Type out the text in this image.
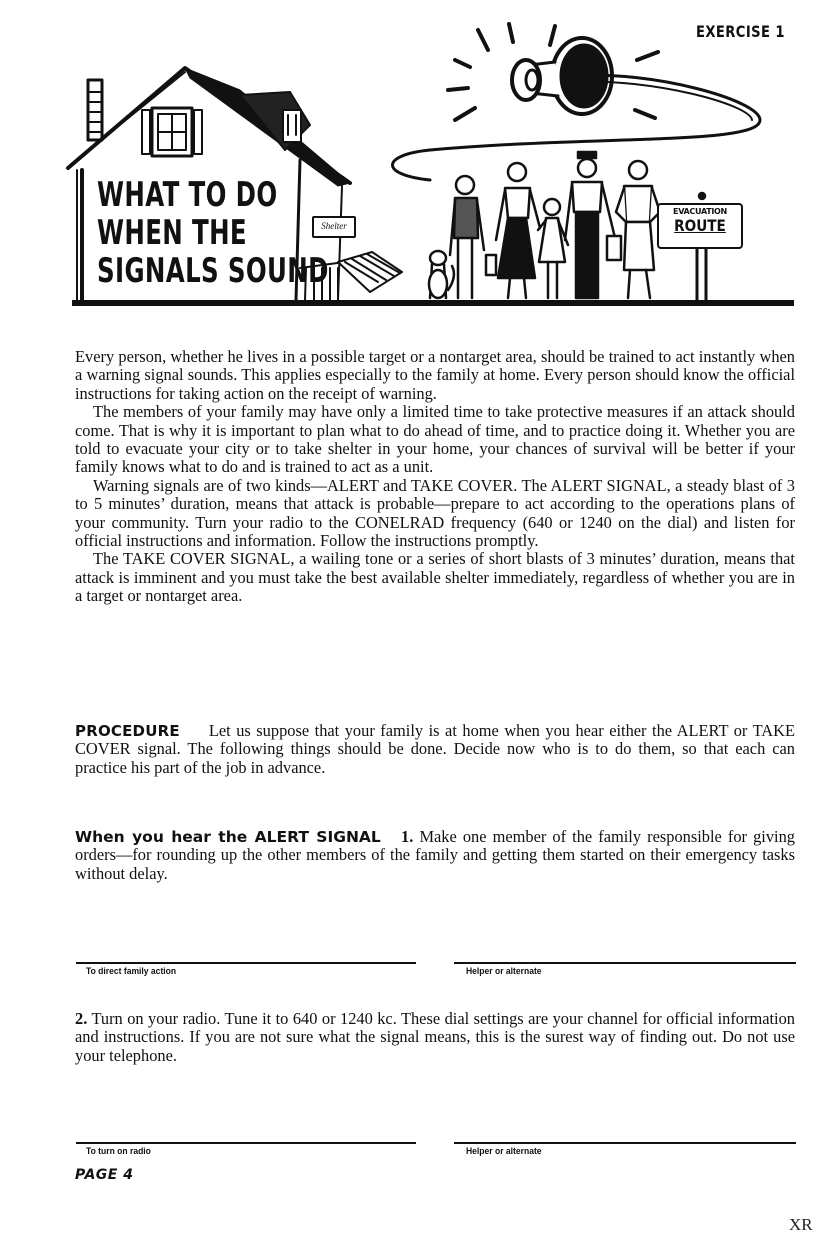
EXERCISE 1
WHAT TO DO
WHEN THE
SIGNALS SOUND
Shelter
EVACUATION
ROUTE

Every person, whether he lives in a possible target or a nontarget area, should be trained to act instantly when a warning signal sounds. This applies especially to the family at home. Every person should know the official instructions for taking action on the receipt of warning.

The members of your family may have only a limited time to take protective measures if an attack should come. That is why it is important to plan what to do ahead of time, and to practice doing it. Whether you are told to evacuate your city or to take shelter in your home, your chances of survival will be better if your family knows what to do and is trained to act as a unit.

Warning signals are of two kinds—ALERT and TAKE COVER. The ALERT SIGNAL, a steady blast of 3 to 5 minutes’ duration, means that attack is probable—prepare to act according to the operations plans of your community. Turn your radio to the CONELRAD frequency (640 or 1240 on the dial) and listen for official instructions and information. Follow the instructions promptly.

The TAKE COVER SIGNAL, a wailing tone or a series of short blasts of 3 minutes’ duration, means that attack is imminent and you must take the best available shelter immediately, regardless of whether you are in a target or nontarget area.

PROCEDURE Let us suppose that your family is at home when you hear either the ALERT or TAKE COVER signal. The following things should be done. Decide now who is to do them, so that each can practice his part of the job in advance.

When you hear the ALERT SIGNAL 1. Make one member of the family responsible for giving orders—for rounding up the other members of the family and getting them started on their emergency tasks without delay.

To direct family action	Helper or alternate

2. Turn on your radio. Tune it to 640 or 1240 kc. These dial settings are your channel for official information and instructions. If you are not sure what the signal means, this is the surest way of finding out. Do not use your telephone.

To turn on radio	Helper or alternate
PAGE 4
XR
